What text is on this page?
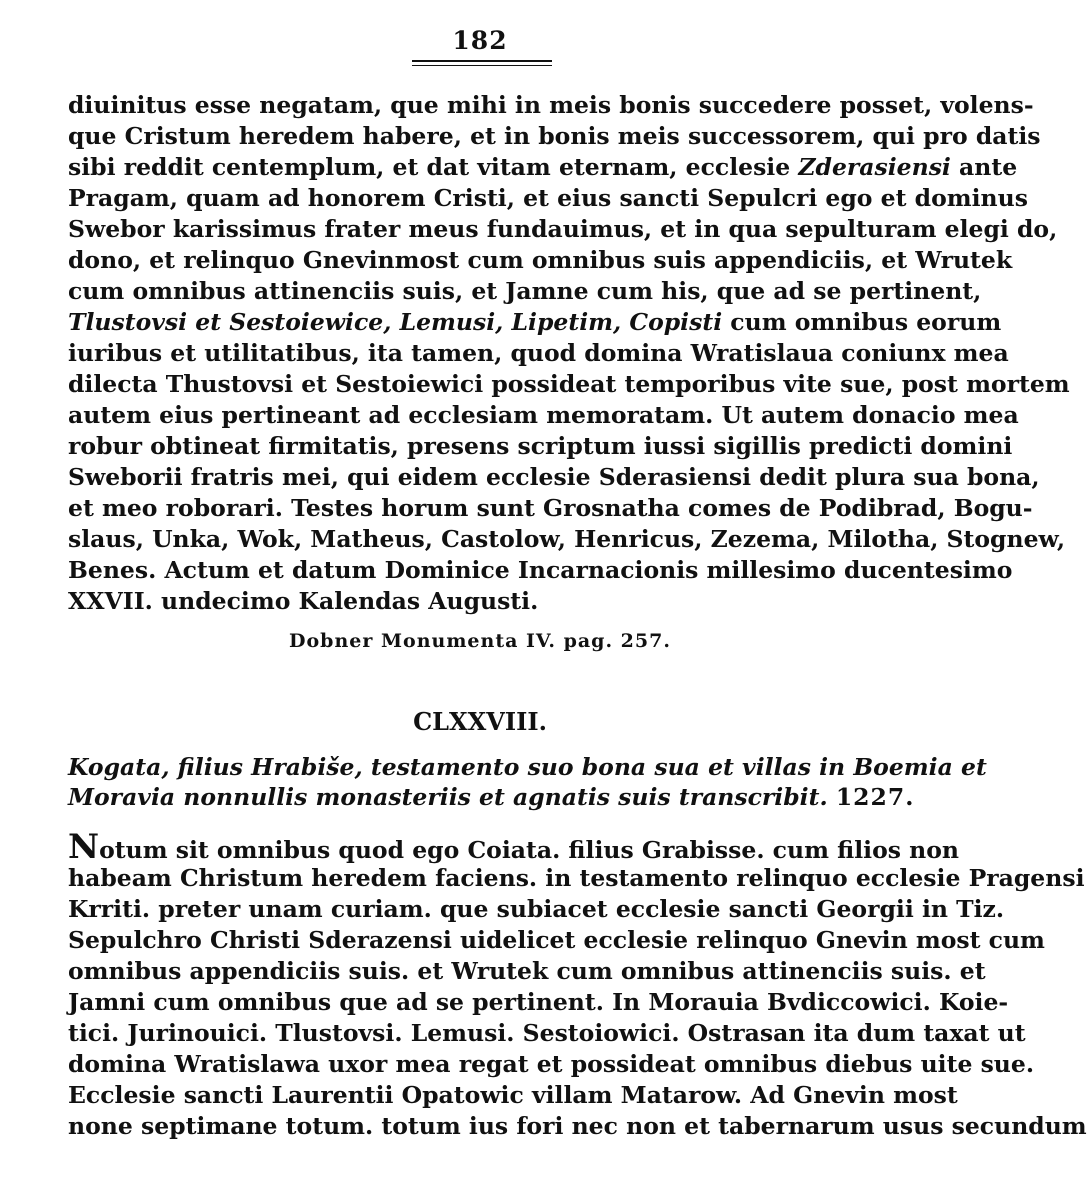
182
diuinitus esse negatam, que mihi in meis bonis succedere posset, volens-
que Cristum heredem habere, et in bonis meis successorem, qui pro datis
sibi reddit centemplum, et dat vitam eternam, ecclesie Zderasiensi ante
Pragam, quam ad honorem Cristi, et eius sancti Sepulcri ego et dominus
Swebor karissimus frater meus fundauimus, et in qua sepulturam elegi do,
dono, et relinquo Gnevinmost cum omnibus suis appendiciis, et Wrutek
cum omnibus attinenciis suis, et Jamne cum his, que ad se pertinent,
Tlustovsi et Sestoiewice, Lemusi, Lipetim, Copisti cum omnibus eorum
iuribus et utilitatibus, ita tamen, quod domina Wratislaua coniunx mea
dilecta Thustovsi et Sestoiewici possideat temporibus vite sue, post mortem
autem eius pertineant ad ecclesiam memoratam. Ut autem donacio mea
robur obtineat firmitatis, presens scriptum iussi sigillis predicti domini
Sweborii fratris mei, qui eidem ecclesie Sderasiensi dedit plura sua bona,
et meo roborari. Testes horum sunt Grosnatha comes de Podibrad, Bogu-
slaus, Unka, Wok, Matheus, Castolow, Henricus, Zezema, Milotha, Stognew,
Benes. Actum et datum Dominice Incarnacionis millesimo ducentesimo
XXVII. undecimo Kalendas Augusti.
Dobner Monumenta IV. pag. 257.
CLXXVIII.
Kogata, filius Hrabiše, testamento suo bona sua et villas in Boemia et
Moravia nonnullis monasteriis et agnatis suis transcribit. 1227.
Notum sit omnibus quod ego Coiata. filius Grabisse. cum filios non
habeam Christum heredem faciens. in testamento relinquo ecclesie Pragensi
Krriti. preter unam curiam. que subiacet ecclesie sancti Georgii in Tiz.
Sepulchro Christi Sderazensi uidelicet ecclesie relinquo Gnevin most cum
omnibus appendiciis suis. et Wrutek cum omnibus attinenciis suis. et
Jamni cum omnibus que ad se pertinent. In Morauia Bvdiccowici. Koie-
tici. Jurinouici. Tlustovsi. Lemusi. Sestoiowici. Ostrasan ita dum taxat ut
domina Wratislawa uxor mea regat et possideat omnibus diebus uite sue.
Ecclesie sancti Laurentii Opatowic villam Matarow. Ad Gnevin most
none septimane totum. totum ius fori nec non et tabernarum usus secundum
